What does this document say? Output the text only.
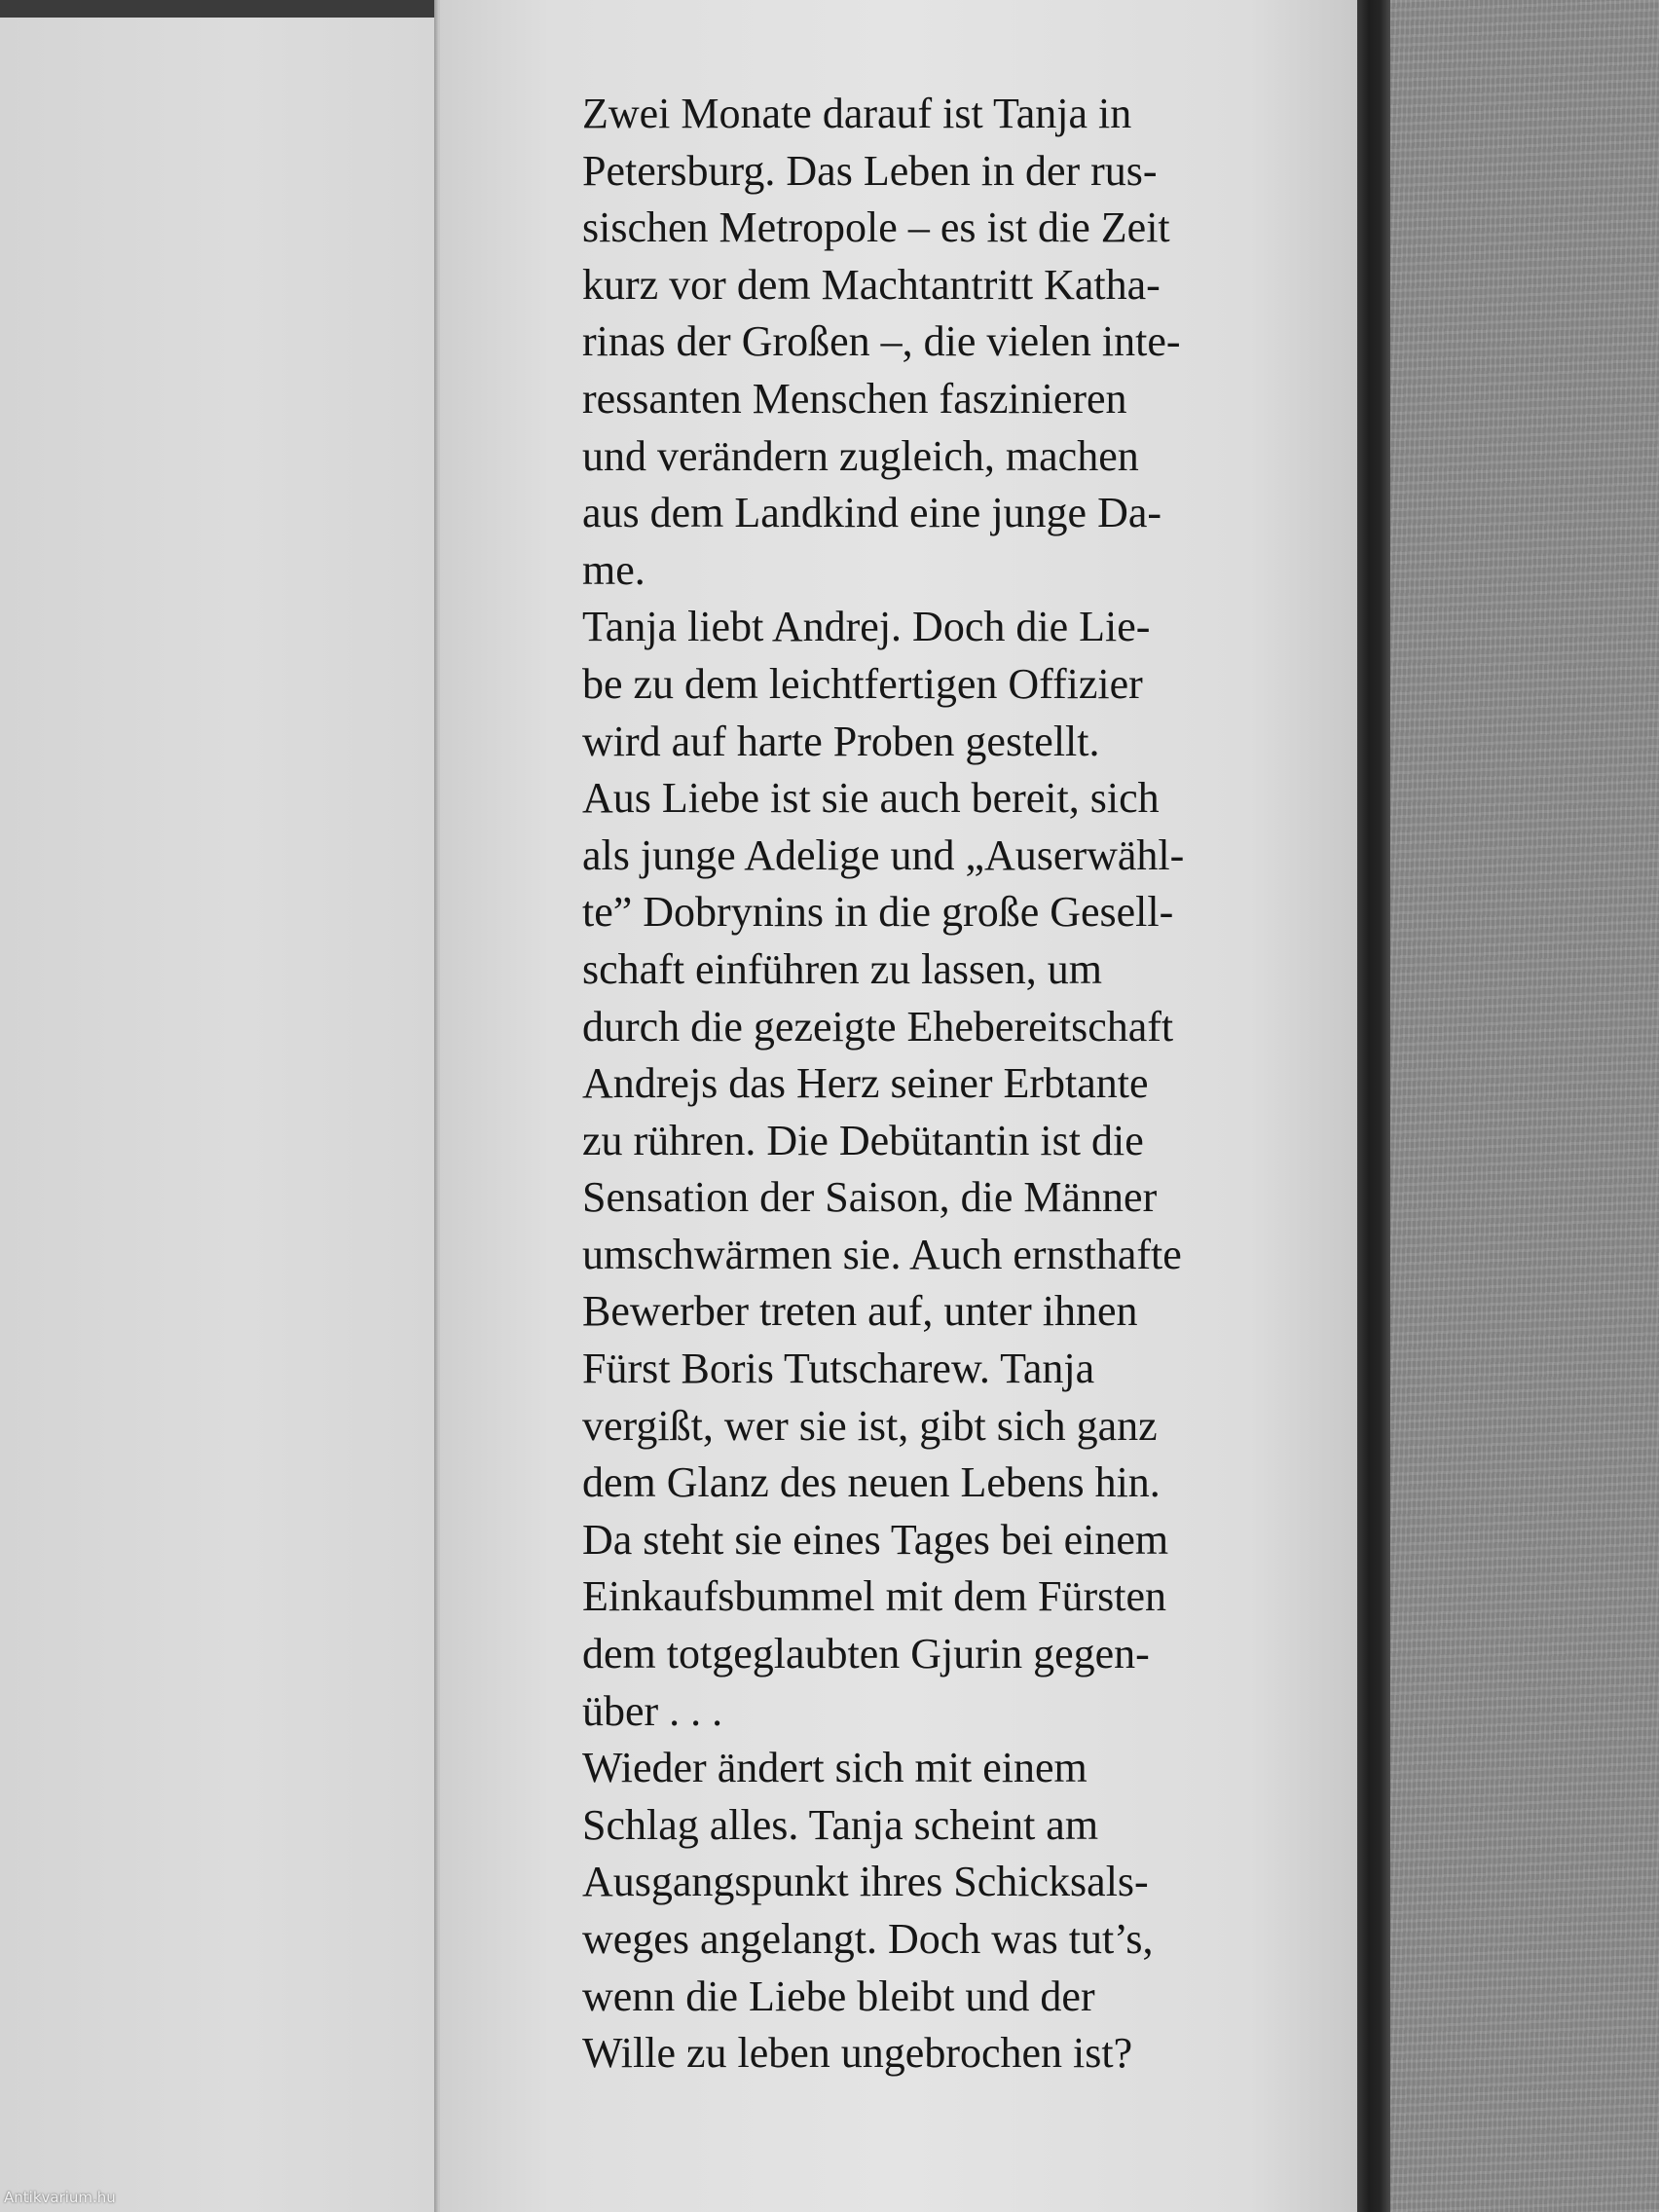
Zwei Monate darauf ist Tanja in
Petersburg. Das Leben in der rus-
sischen Metropole – es ist die Zeit
kurz vor dem Machtantritt Katha-
rinas der Großen –, die vielen inte-
ressanten Menschen faszinieren
und verändern zugleich, machen
aus dem Landkind eine junge Da-
me.
Tanja liebt Andrej. Doch die Lie-
be zu dem leichtfertigen Offizier
wird auf harte Proben gestellt.
Aus Liebe ist sie auch bereit, sich
als junge Adelige und „Auserwähl-
te” Dobrynins in die große Gesell-
schaft einführen zu lassen, um
durch die gezeigte Ehebereitschaft
Andrejs das Herz seiner Erbtante
zu rühren. Die Debütantin ist die
Sensation der Saison, die Männer
umschwärmen sie. Auch ernsthafte
Bewerber treten auf, unter ihnen
Fürst Boris Tutscharew. Tanja
vergißt, wer sie ist, gibt sich ganz
dem Glanz des neuen Lebens hin.
Da steht sie eines Tages bei einem
Einkaufsbummel mit dem Fürsten
dem totgeglaubten Gjurin gegen-
über . . .
Wieder ändert sich mit einem
Schlag alles. Tanja scheint am
Ausgangspunkt ihres Schicksals-
weges angelangt. Doch was tut’s,
wenn die Liebe bleibt und der
Wille zu leben ungebrochen ist?
Antikvarium.hu
